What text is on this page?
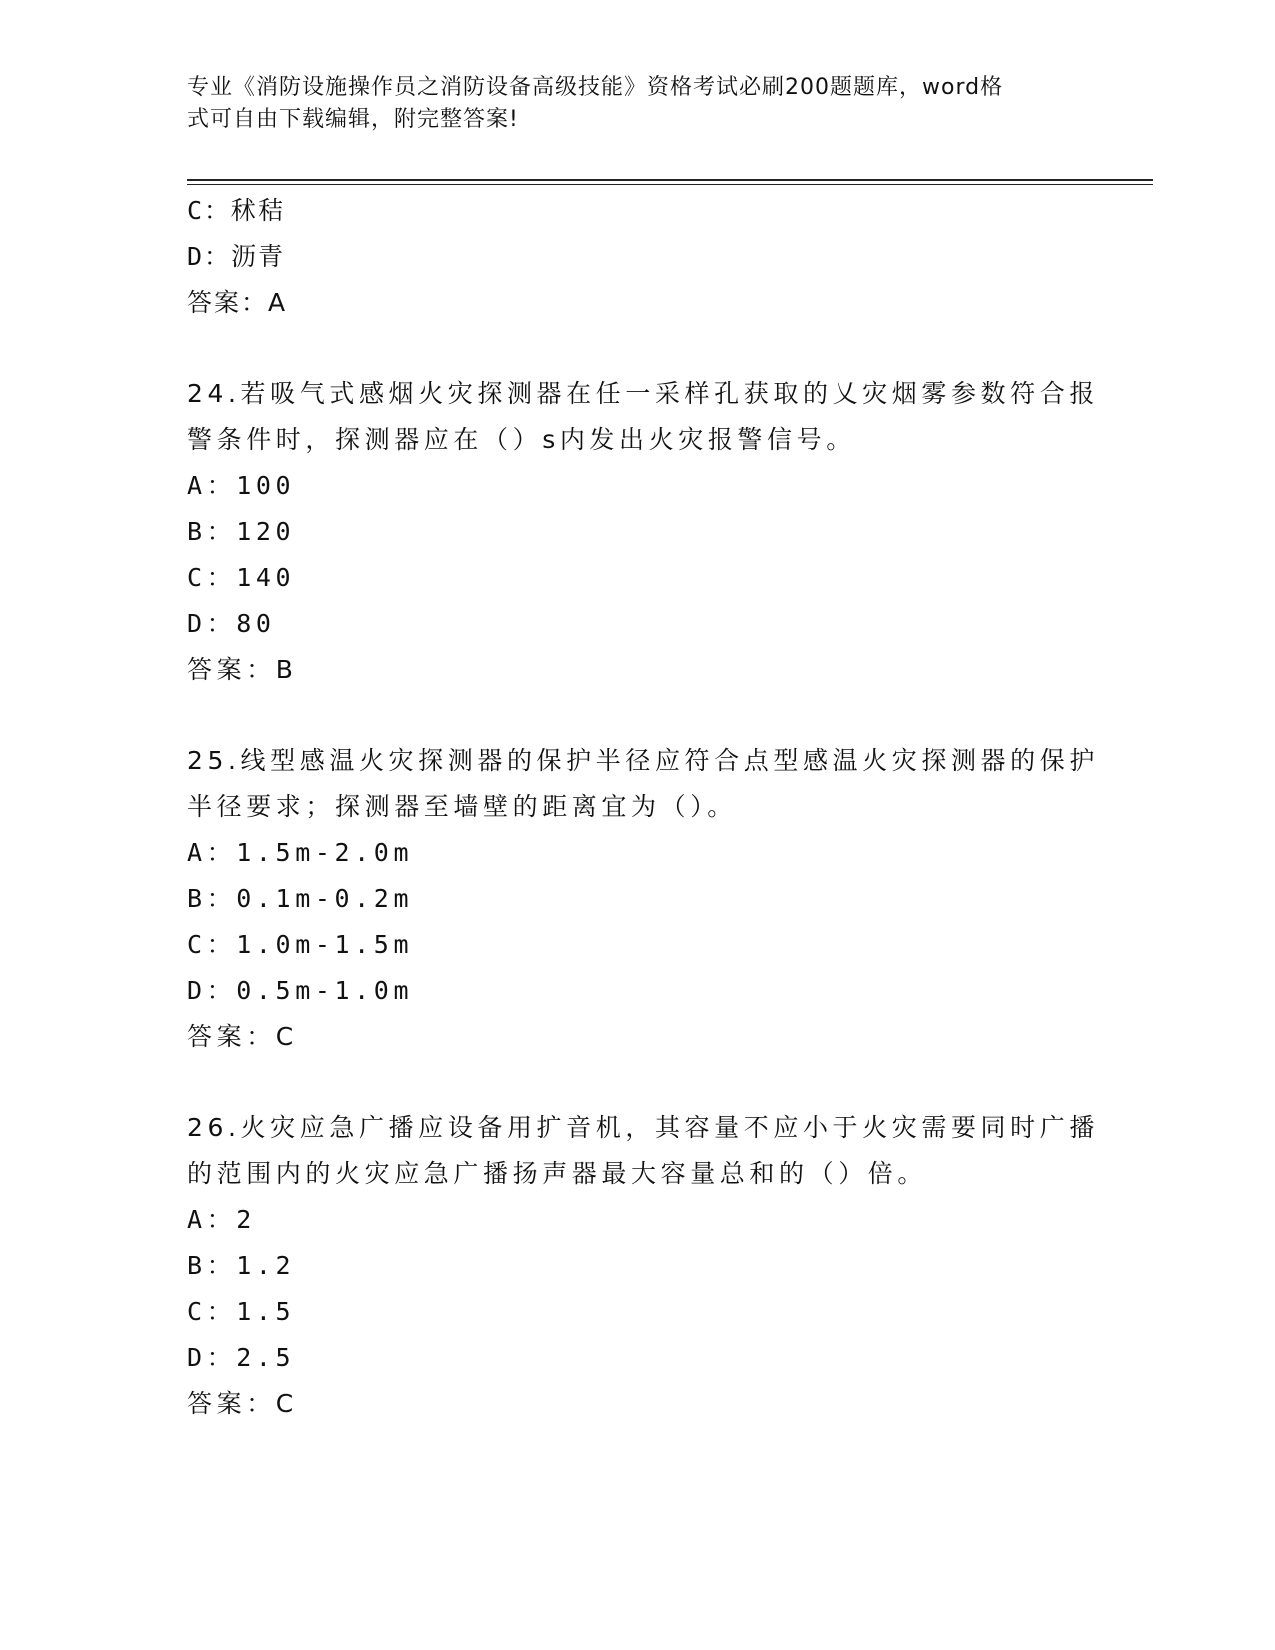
专业《消防设施操作员之消防设备高级技能》资格考试必刷200题题库，word格
式可自由下载编辑，附完整答案!
C：秫秸
D：沥青
答案：A
24.若吸气式感烟火灾探测器在任一采样孔获取的乂灾烟雾参数符合报
警条件时，探测器应在（）s内发出火灾报警信号。
A：100
B：120
C：140
D：80
答案：B
25.线型感温火灾探测器的保护半径应符合点型感温火灾探测器的保护
半径要求；探测器至墙壁的距离宜为（）。
A：1.5m-2.0m
B：0.1m-0.2m
C：1.0m-1.5m
D：0.5m-1.0m
答案：C
26.火灾应急广播应设备用扩音机，其容量不应小于火灾需要同时广播
的范围内的火灾应急广播扬声器最大容量总和的（）倍。
A：2
B：1.2
C：1.5
D：2.5
答案：C
